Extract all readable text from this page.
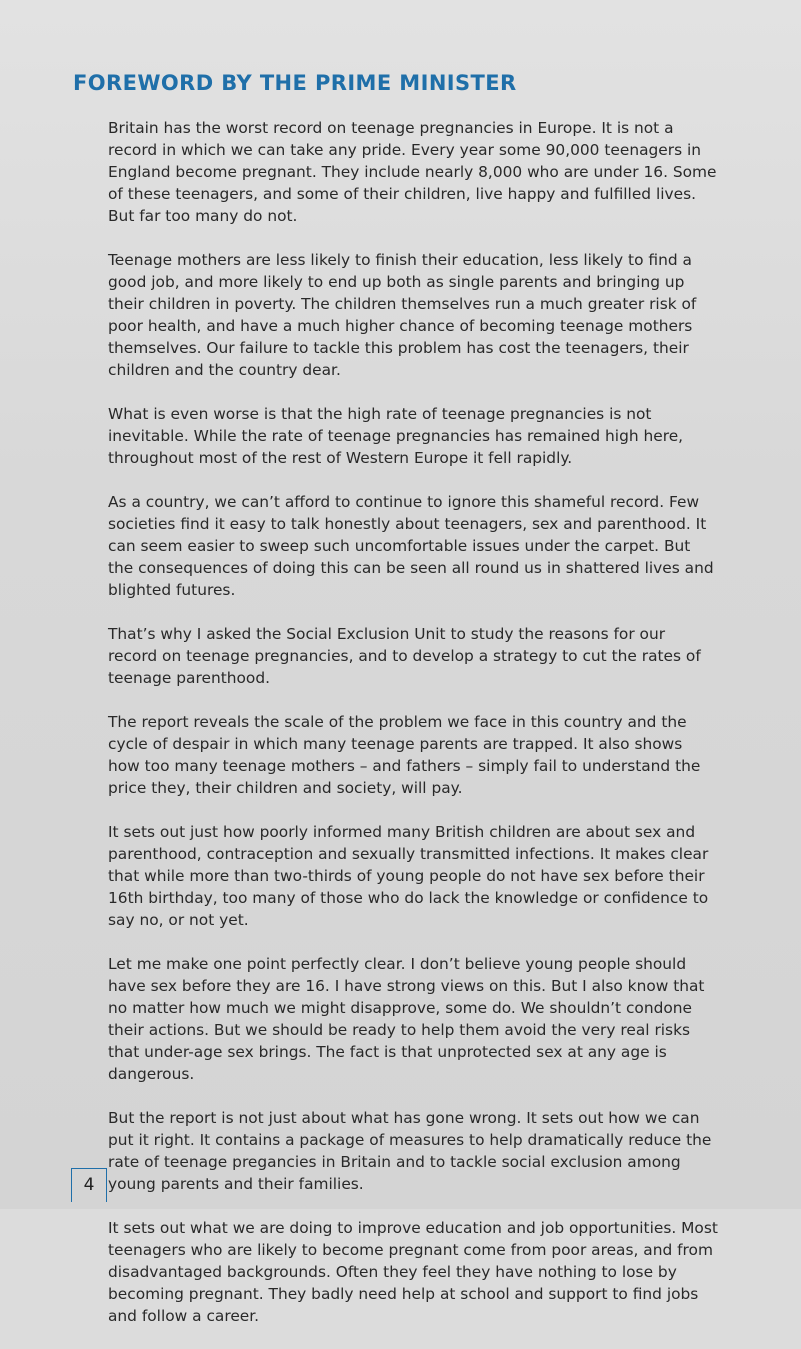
FOREWORD BY THE PRIME MINISTER

Britain has the worst record on teenage pregnancies in Europe. It is not a record in which we can take any pride. Every year some 90,000 teenagers in England become pregnant. They include nearly 8,000 who are under 16. Some of these teenagers, and some of their children, live happy and fulfilled lives. But far too many do not.

Teenage mothers are less likely to finish their education, less likely to find a good job, and more likely to end up both as single parents and bringing up their children in poverty. The children themselves run a much greater risk of poor health, and have a much higher chance of becoming teenage mothers themselves. Our failure to tackle this problem has cost the teenagers, their children and the country dear.

What is even worse is that the high rate of teenage pregnancies is not inevitable. While the rate of teenage pregnancies has remained high here, throughout most of the rest of Western Europe it fell rapidly.

As a country, we can’t afford to continue to ignore this shameful record. Few societies find it easy to talk honestly about teenagers, sex and parenthood. It can seem easier to sweep such uncomfortable issues under the carpet. But the consequences of doing this can be seen all round us in shattered lives and blighted futures.

That’s why I asked the Social Exclusion Unit to study the reasons for our record on teenage pregnancies, and to develop a strategy to cut the rates of teenage parenthood.

The report reveals the scale of the problem we face in this country and the cycle of despair in which many teenage parents are trapped. It also shows how too many teenage mothers – and fathers – simply fail to understand the price they, their children and society, will pay.

It sets out just how poorly informed many British children are about sex and parenthood, contraception and sexually transmitted infections. It makes clear that while more than two-thirds of young people do not have sex before their 16th birthday, too many of those who do lack the knowledge or confidence to say no, or not yet.

Let me make one point perfectly clear. I don’t believe young people should have sex before they are 16. I have strong views on this. But I also know that no matter how much we might disapprove, some do. We shouldn’t condone their actions. But we should be ready to help them avoid the very real risks that under-age sex brings. The fact is that unprotected sex at any age is dangerous.

But the report is not just about what has gone wrong. It sets out how we can put it right. It contains a package of measures to help dramatically reduce the rate of teenage pregancies in Britain and to tackle social exclusion among young parents and their families.

It sets out what we are doing to improve education and job opportunities. Most teenagers who are likely to become pregnant come from poor areas, and from disadvantaged backgrounds. Often they feel they have nothing to lose by becoming pregnant. They badly need help at school and support to find jobs and follow a career.

4
